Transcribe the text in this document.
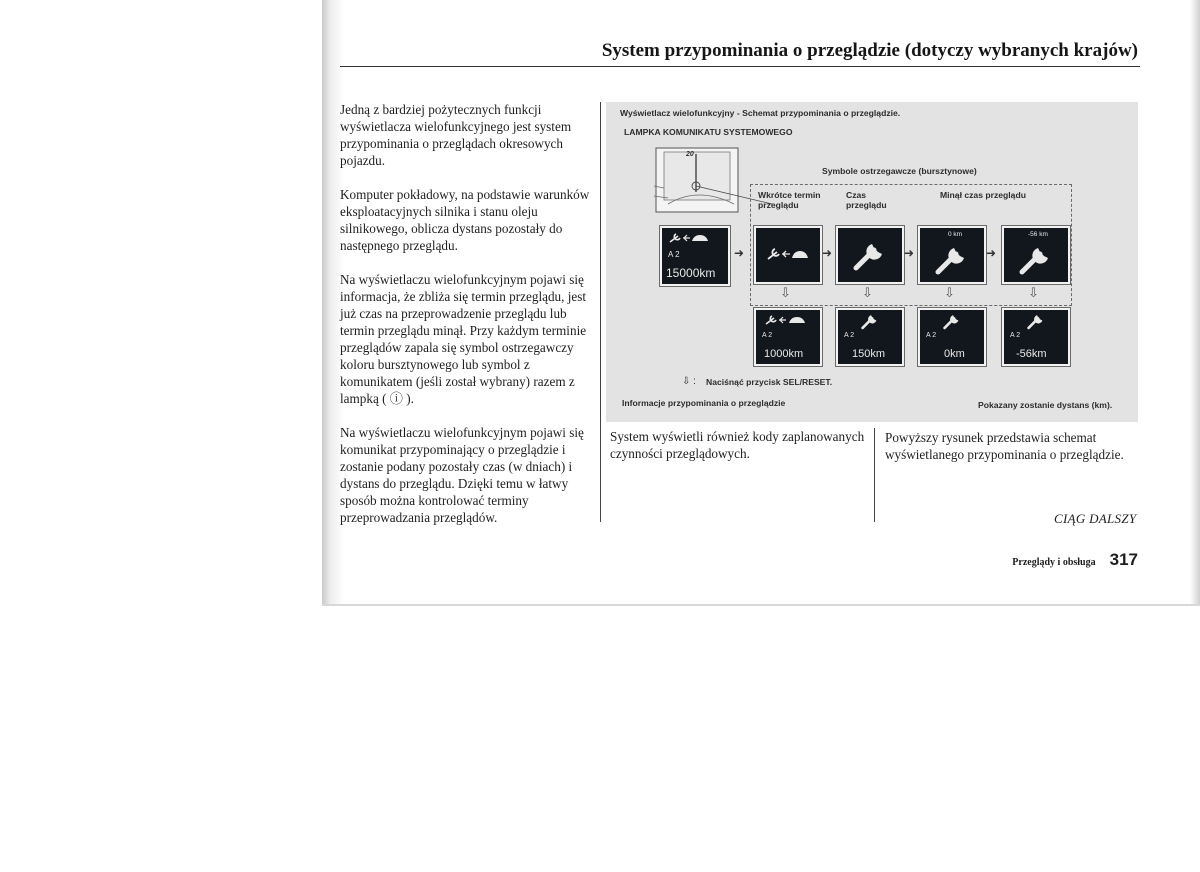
System przypominania o przeglądzie (dotyczy wybranych krajów)

Jedną z bardziej pożytecznych funkcji wyświetlacza wielofunkcyjnego jest system przypominania o przeglądach okresowych pojazdu.

Komputer pokładowy, na podstawie warunków eksploatacyjnych silnika i stanu oleju silnikowego, oblicza dystans pozostały do następnego przeglądu.

Na wyświetlaczu wielofunkcyjnym pojawi się informacja, że zbliża się termin przeglądu, jest już czas na przeprowadzenie przeglądu lub termin przeglądu minął. Przy każdym terminie przeglądów zapala się symbol ostrzegawczy koloru bursztynowego lub symbol z komunikatem (jeśli został wybrany) razem z lampką ( ⓘ ).

Na wyświetlaczu wielofunkcyjnym pojawi się komunikat przypominający o przeglądzie i zostanie podany pozostały czas (w dniach) i dystans do przeglądu. Dzięki temu w łatwy sposób można kontrolować terminy przeprowadzania przeglądów.

Wyświetlacz wielofunkcyjny - Schemat przypominania o przeglądzie.
LAMPKA KOMUNIKATU SYSTEMOWEGO
20
Symbole ostrzegawcze (bursztynowe)
Wkrótce termin przeglądu
Czas przeglądu
Minął czas przeglądu
A 2
15000km
➜	➜	➜
0 km
➜
-56 km
⇩	⇩	⇩	⇩
A 2
1000km
A 2
150km
A 2
0km
A 2
-56km
⇩ : Naciśnąć przycisk SEL/RESET.
Informacje przypominania o przeglądzie	Pokazany zostanie dystans (km).
System wyświetli również kody zaplanowanych czynności przeglądowych.
Powyższy rysunek przedstawia schemat wyświetlanego przypominania o przeglądzie.
CIĄG DALSZY
Przeglądy i obsługa 317
